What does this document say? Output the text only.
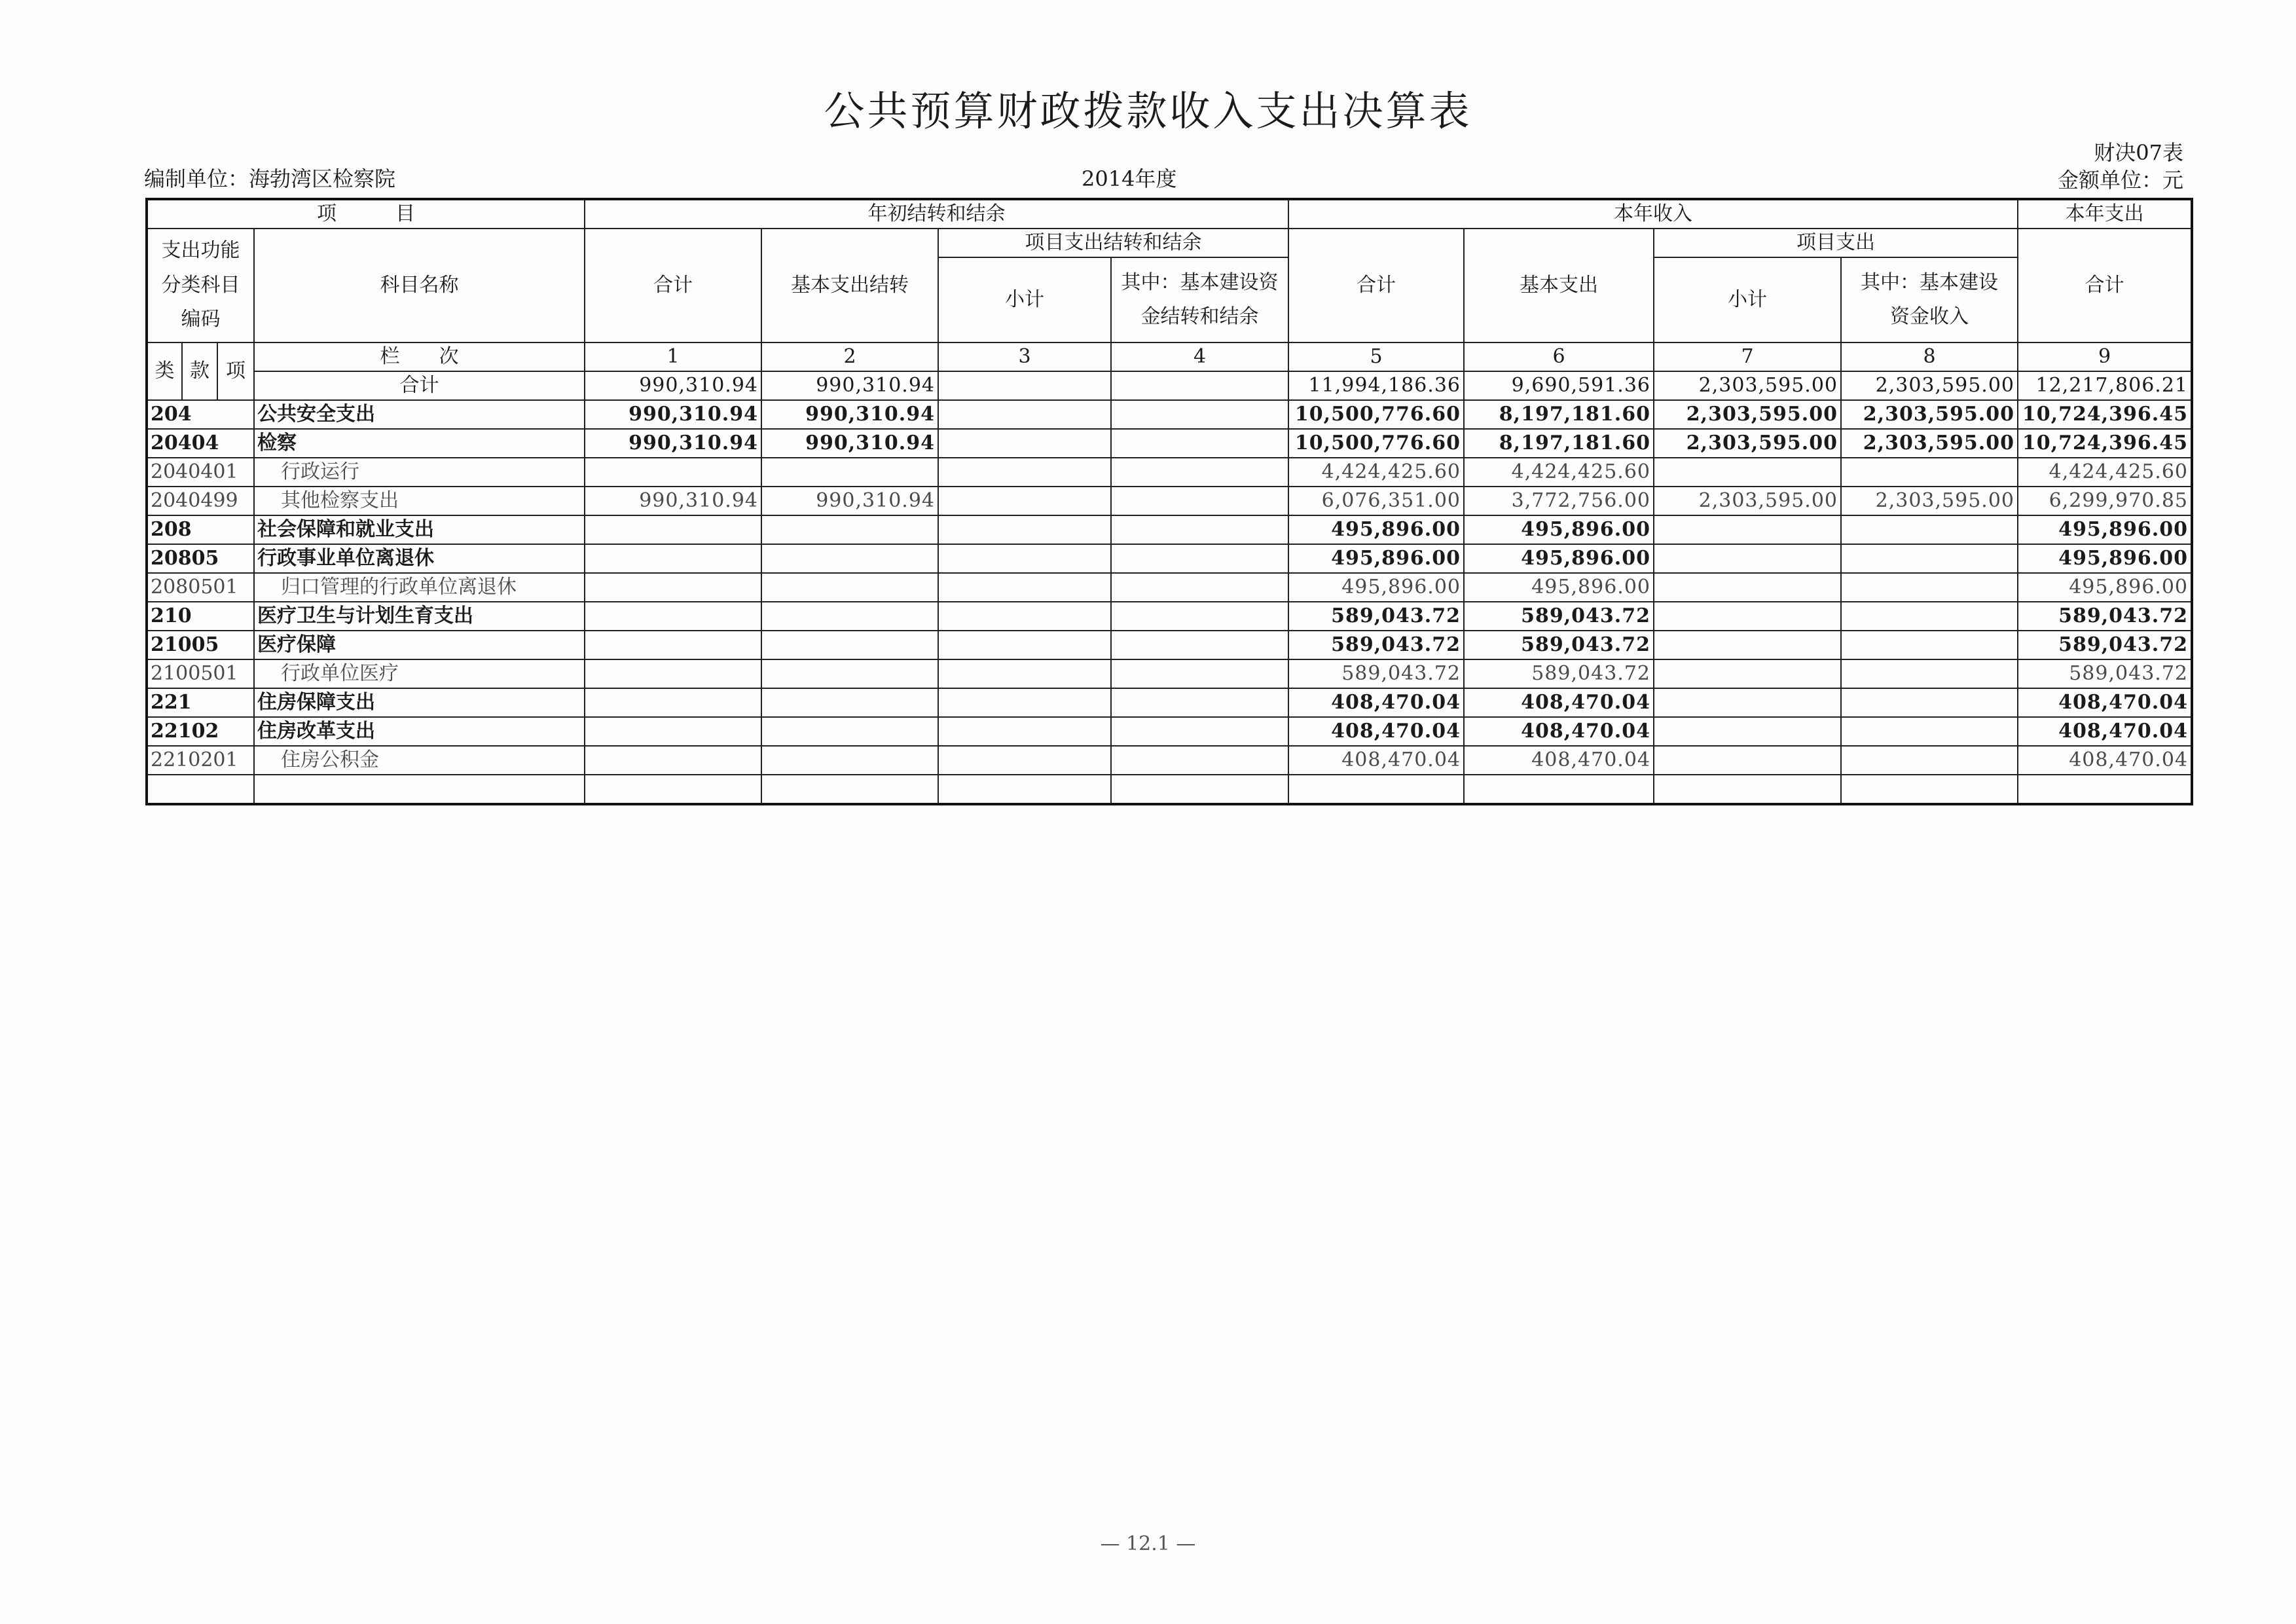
公共预算财政拨款收入支出决算表
编制单位：海勃湾区检察院	2014年度
财决07表
金额单位：元
项　　　目				年初结转和结余				本年收入				本年支出
支出功能分类科目编码			科目名称	合计	基本支出结转	项目支出结转和结余		合计	基本支出	项目支出		合计
						小计	其中：基本建设资金结转和结余			小计	其中：基本建设资金收入	
类	款	项	栏　　次	1	2	3	4	5	6	7	8	9
			合计	990,310.94	990,310.94			11,994,186.36	9,690,591.36	2,303,595.00	2,303,595.00	12,217,806.21
204			公共安全支出	990,310.94	990,310.94			10,500,776.60	8,197,181.60	2,303,595.00	2,303,595.00	10,724,396.45
20404			检察	990,310.94	990,310.94			10,500,776.60	8,197,181.60	2,303,595.00	2,303,595.00	10,724,396.45
2040401			行政运行					4,424,425.60	4,424,425.60			4,424,425.60
2040499			其他检察支出	990,310.94	990,310.94			6,076,351.00	3,772,756.00	2,303,595.00	2,303,595.00	6,299,970.85
208			社会保障和就业支出					495,896.00	495,896.00			495,896.00
20805			行政事业单位离退休					495,896.00	495,896.00			495,896.00
2080501			归口管理的行政单位离退休					495,896.00	495,896.00			495,896.00
210			医疗卫生与计划生育支出					589,043.72	589,043.72			589,043.72
21005			医疗保障					589,043.72	589,043.72			589,043.72
2100501			行政单位医疗					589,043.72	589,043.72			589,043.72
221			住房保障支出					408,470.04	408,470.04			408,470.04
22102			住房改革支出					408,470.04	408,470.04			408,470.04
2210201			住房公积金					408,470.04	408,470.04			408,470.04

— 12.1 —
